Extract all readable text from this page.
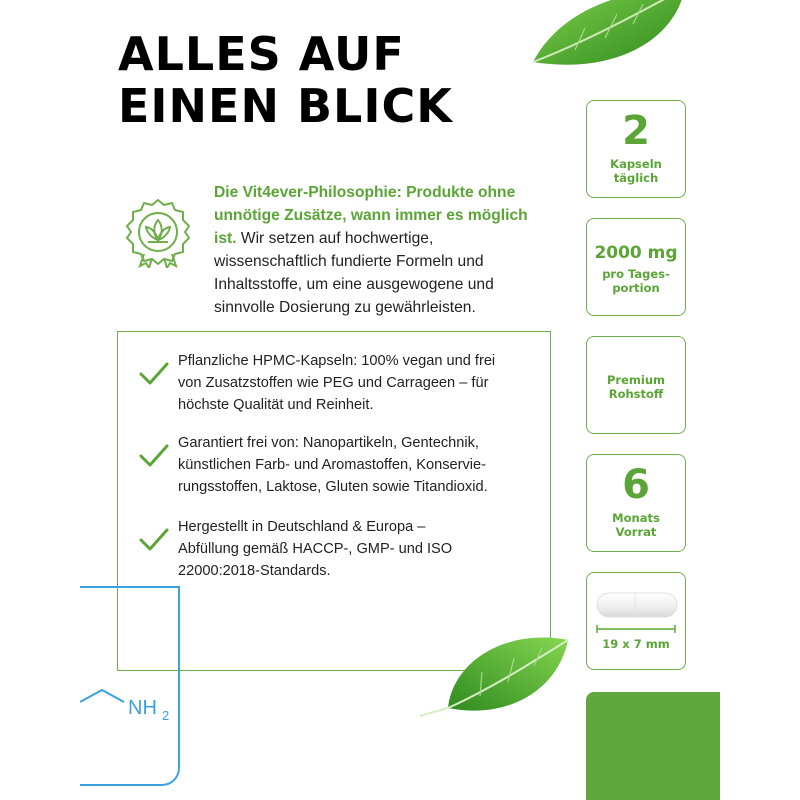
ALLES AUF
EINEN BLICK
Die Vit4ever-Philosophie: Produkte ohne unnötige Zusätze, wann immer es möglich ist. Wir setzen auf hochwertige, wissenschaftlich fundierte Formeln und Inhaltsstoffe, um eine ausgewogene und sinnvolle Dosierung zu gewährleisten.
Pflanzliche HPMC-Kapseln: 100% vegan und frei
von Zusatzstoffen wie PEG und Carrageen – für
höchste Qualität und Reinheit.
Garantiert frei von: Nanopartikeln, Gentechnik,
künstlichen Farb- und Aromastoffen, Konservie-
rungsstoffen, Laktose, Gluten sowie Titandioxid.
Hergestellt in Deutschland & Europa –
Abfüllung gemäß HACCP-, GMP- und ISO
22000:2018-Standards.
NH 2
2
Kapseln
täglich
2000 mg
pro Tages-
portion
Premium
Rohstoff
6
Monats
Vorrat
19 x 7 mm
